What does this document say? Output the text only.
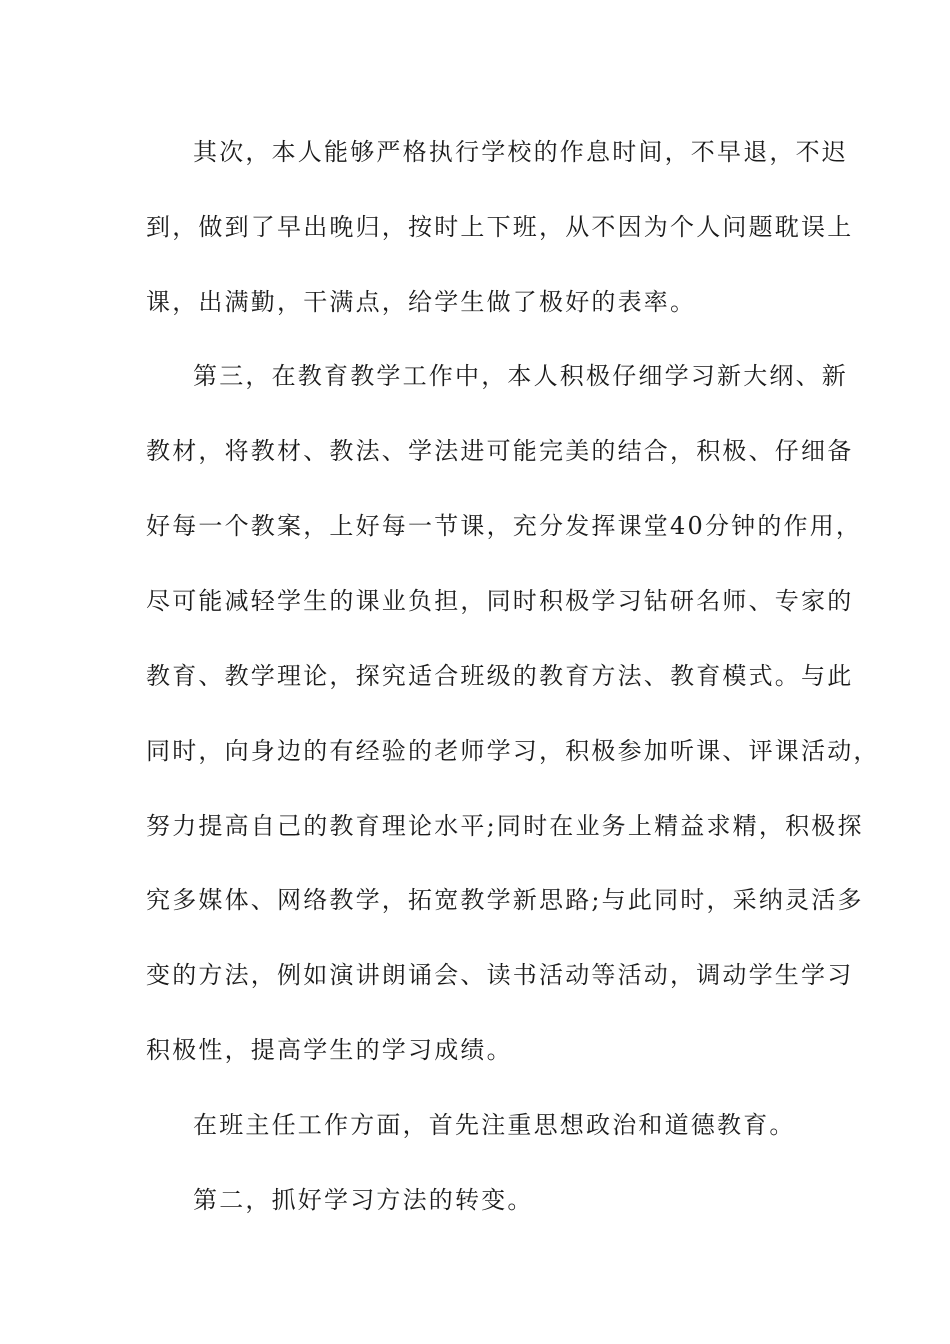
其次，本人能够严格执行学校的作息时间，不早退，不迟
到，做到了早出晚归，按时上下班，从不因为个人问题耽误上
课，出满勤，干满点，给学生做了极好的表率。
第三，在教育教学工作中，本人积极仔细学习新大纲、新
教材，将教材、教法、学法进可能完美的结合，积极、仔细备
好每一个教案，上好每一节课，充分发挥课堂40分钟的作用，
尽可能减轻学生的课业负担，同时积极学习钻研名师、专家的
教育、教学理论，探究适合班级的教育方法、教育模式。与此
同时，向身边的有经验的老师学习，积极参加听课、评课活动，
努力提高自己的教育理论水平;同时在业务上精益求精，积极探
究多媒体、网络教学，拓宽教学新思路;与此同时，采纳灵活多
变的方法，例如演讲朗诵会、读书活动等活动，调动学生学习
积极性，提高学生的学习成绩。
在班主任工作方面，首先注重思想政治和道德教育。
第二，抓好学习方法的转变。
